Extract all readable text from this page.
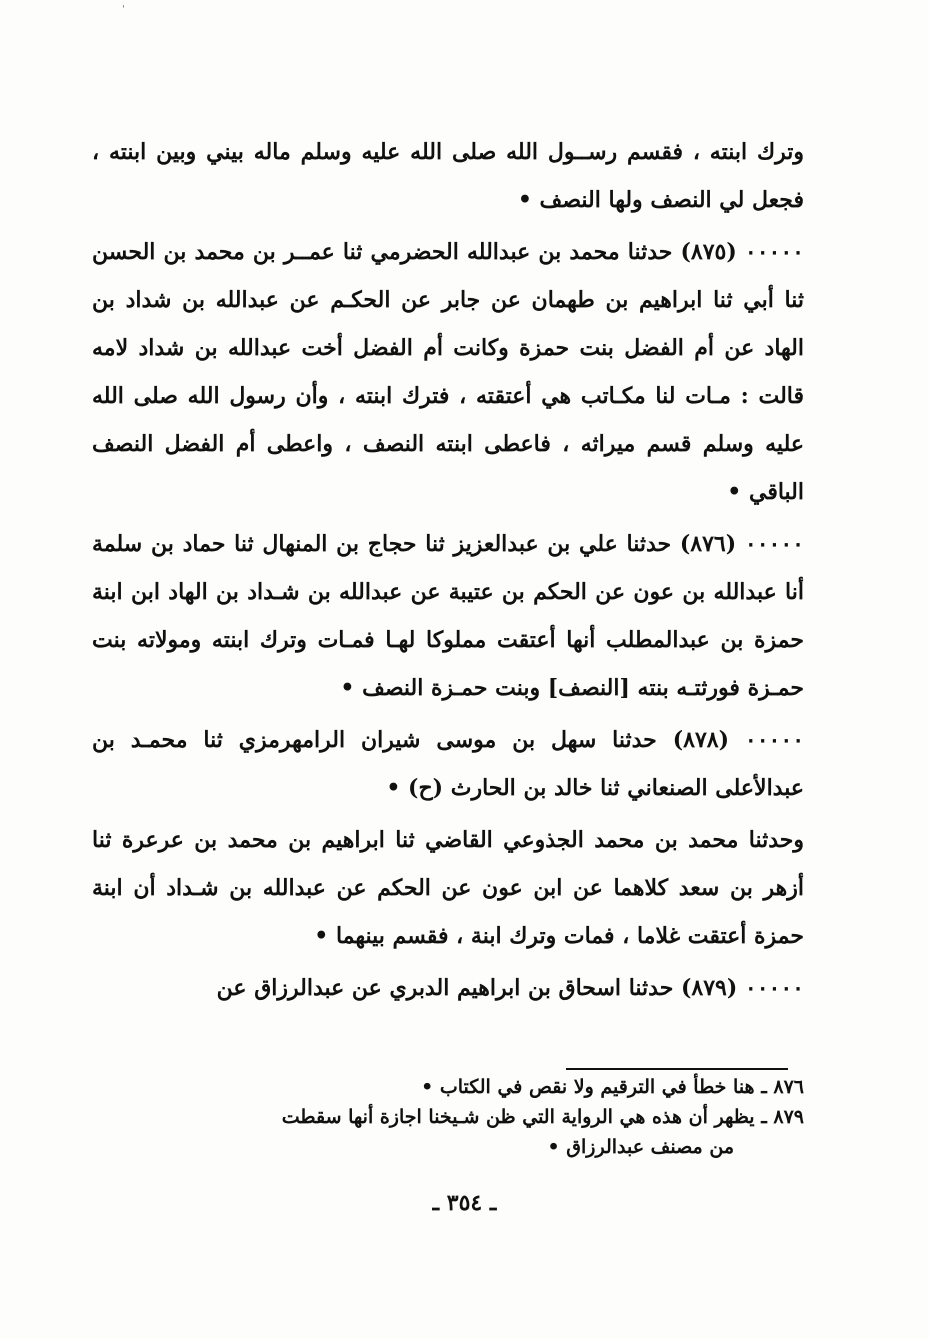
'

وترك ابنته ، فقسم رســول الله صلى الله عليه وسلم ماله بيني وبين ابنته ، فجعل لي النصف ولها النصف •

٠٠٠٠٠ (٨٧٥) حدثنا محمد بن عبدالله الحضرمي ثنا عمــر بن محمد بن الحسن ثنا أبي ثنا ابراهيم بن طهمان عن جابر عن الحكـم عن عبدالله بن شداد بن الهاد عن أم الفضل بنت حمزة وكانت أم الفضل أخت عبدالله بن شداد لامه قالت : مـات لنا مكـاتب هي أعتقته ، فترك ابنته ، وأن رسول الله صلى الله عليه وسلم قسم ميراثه ، فاعطى ابنته النصف ، واعطى أم الفضل النصف الباقي •

٠٠٠٠٠ (٨٧٦) حدثنا علي بن عبدالعزيز ثنا حجاج بن المنهال ثنا حماد بن سلمة أنا عبدالله بن عون عن الحكم بن عتيبة عن عبدالله بن شـداد بن الهاد ابن ابنة حمزة بن عبدالمطلب أنها أعتقت مملوكا لهـا فمـات وترك ابنته ومولاته بنت حمـزة فورثتـه بنته [النصف] وبنت حمـزة النصف •

٠٠٠٠٠ (٨٧٨) حدثنا سهل بن موسى شيران الرامهرمزي ثنا محمـد بن عبدالأعلى الصنعاني ثنا خالد بن الحارث (ح) •

وحدثنا محمد بن محمد الجذوعي القاضي ثنا ابراهيم بن محمد بن عرعرة ثنا أزهر بن سعد كلاهما عن ابن عون عن الحكم عن عبدالله بن شـداد أن ابنة حمزة أعتقت غلاما ، فمات وترك ابنة ، فقسم بينهما •

٠٠٠٠٠ (٨٧٩) حدثنا اسحاق بن ابراهيم الدبري عن عبدالرزاق عن

٨٧٦ ـ هنا خطأ في الترقيم ولا نقص في الكتاب •

٨٧٩ ـ يظهر أن هذه هي الرواية التي ظن شـيخنا اجازة أنها سقطت

من مصنف عبدالرزاق •

ـ ٣٥٤ ـ
